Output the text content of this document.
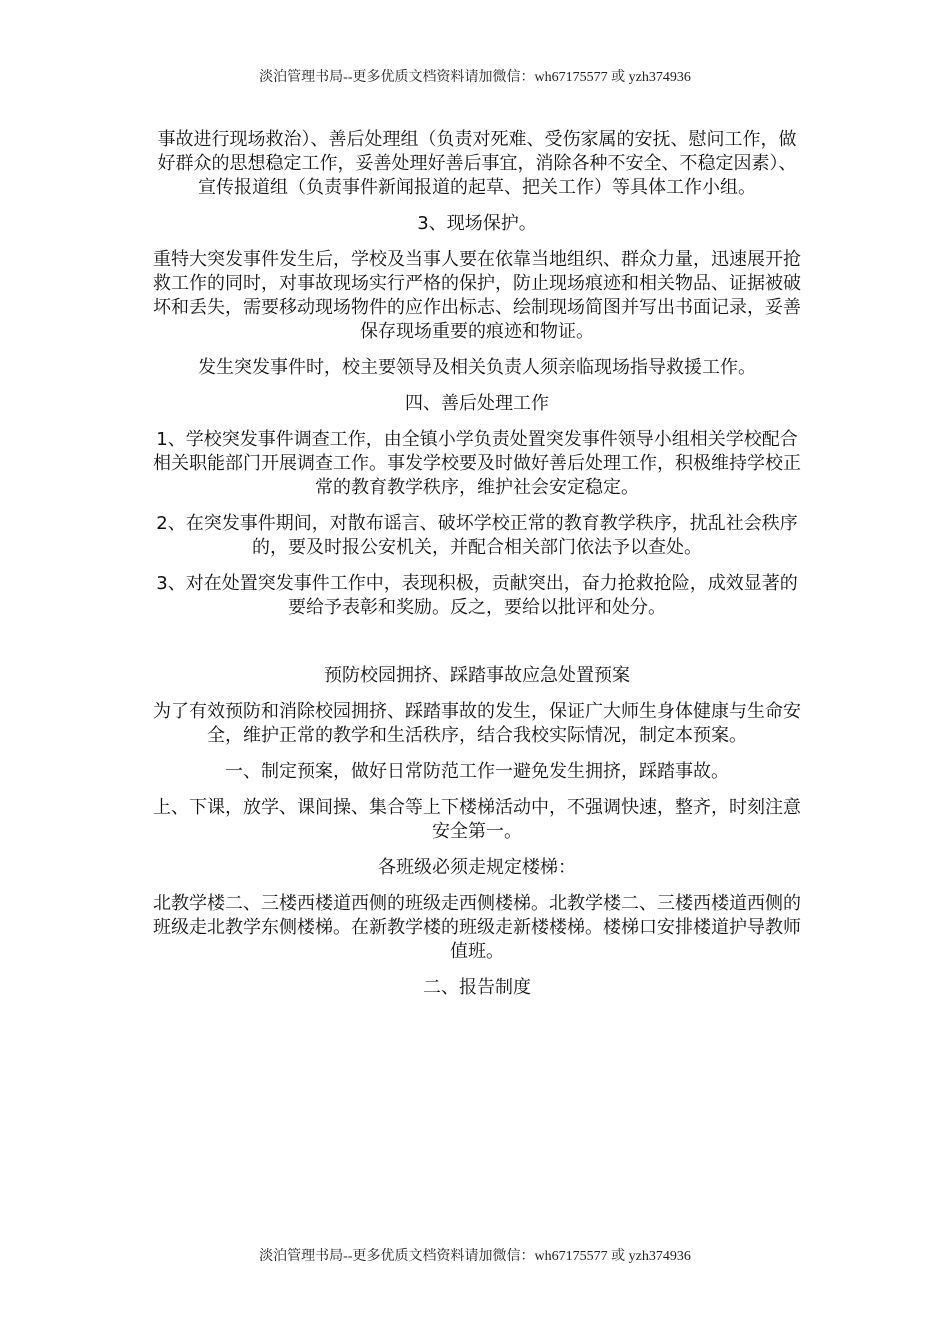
淡泊管理书局--更多优质文档资料请加微信：wh67175577 或 yzh374936

事故进行现场救治）、善后处理组（负责对死难、受伤家属的安抚、慰问工作，做好群众的思想稳定工作，妥善处理好善后事宜，消除各种不安全、不稳定因素）、宣传报道组（负责事件新闻报道的起草、把关工作）等具体工作小组。

3、现场保护。

重特大突发事件发生后，学校及当事人要在依靠当地组织、群众力量，迅速展开抢救工作的同时，对事故现场实行严格的保护，防止现场痕迹和相关物品、证据被破坏和丢失，需要移动现场物件的应作出标志、绘制现场简图并写出书面记录，妥善保存现场重要的痕迹和物证。

发生突发事件时，校主要领导及相关负责人须亲临现场指导救援工作。

四、善后处理工作

1、学校突发事件调查工作，由全镇小学负责处置突发事件领导小组相关学校配合相关职能部门开展调查工作。事发学校要及时做好善后处理工作，积极维持学校正常的教育教学秩序，维护社会安定稳定。

2、在突发事件期间，对散布谣言、破坏学校正常的教育教学秩序，扰乱社会秩序的，要及时报公安机关，并配合相关部门依法予以查处。

3、对在处置突发事件工作中，表现积极，贡献突出，奋力抢救抢险，成效显著的要给予表彰和奖励。反之，要给以批评和处分。

预防校园拥挤、踩踏事故应急处置预案

为了有效预防和消除校园拥挤、踩踏事故的发生，保证广大师生身体健康与生命安全，维护正常的教学和生活秩序，结合我校实际情况，制定本预案。

一、制定预案，做好日常防范工作一避免发生拥挤，踩踏事故。

上、下课，放学、课间操、集合等上下楼梯活动中，不强调快速，整齐，时刻注意安全第一。

各班级必须走规定楼梯：

北教学楼二、三楼西楼道西侧的班级走西侧楼梯。北教学楼二、三楼西楼道西侧的班级走北教学东侧楼梯。在新教学楼的班级走新楼楼梯。楼梯口安排楼道护导教师值班。

二、报告制度

淡泊管理书局--更多优质文档资料请加微信：wh67175577 或 yzh374936
